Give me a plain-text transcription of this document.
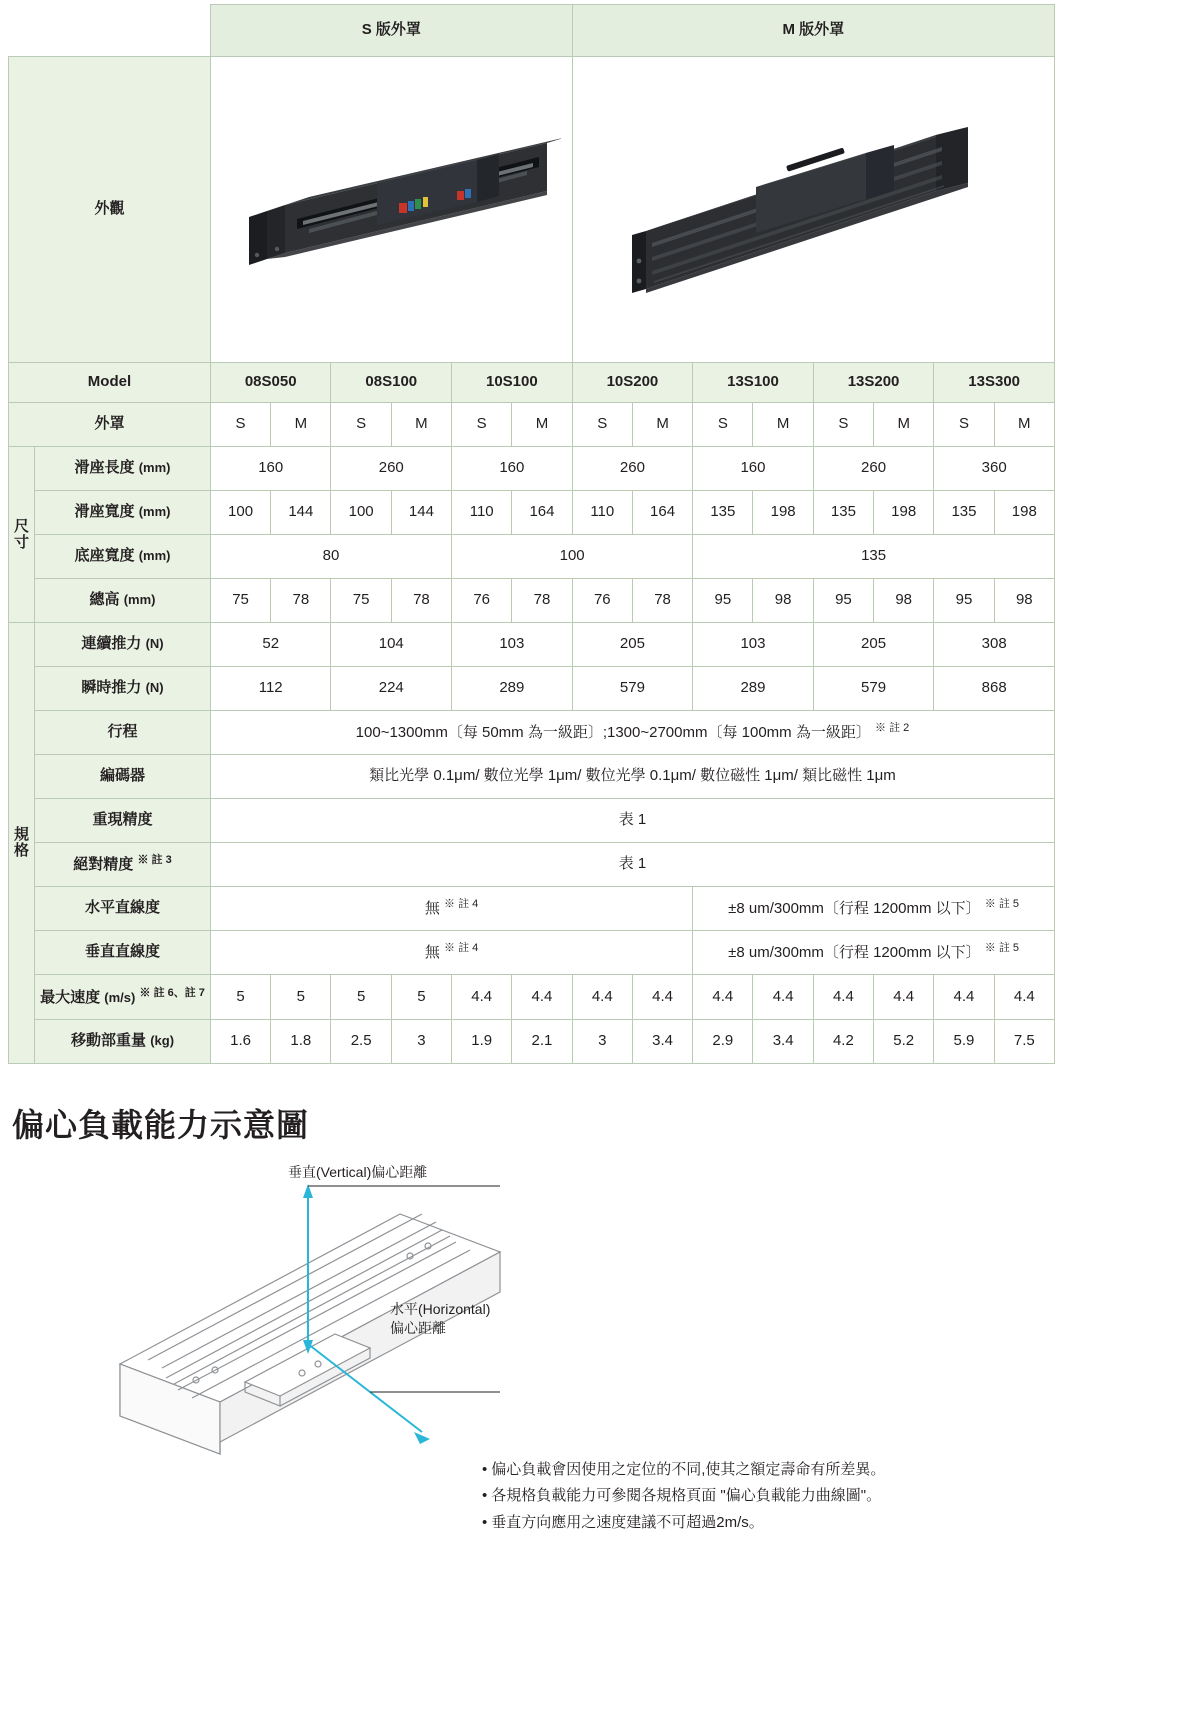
		S 版外罩						M 版外罩							
外觀	

Model		08S050		08S100		10S100		10S200		13S100		13S200		13S300	
外罩		S	M	S	M	S	M	S	M	S	M	S	M	S	M

尺寸	滑座長度 (mm)	160		260		160		260		160		260		360	
	滑座寬度 (mm)	100	144	100	144	110	164	110	164	135	198	135	198	135	198
	底座寬度 (mm)	80				100				135					
	總高 (mm)	75	78	75	78	76	78	76	78	95	98	95	98	95	98

規格	連續推力 (N)	52		104		103		205		103		205		308	
	瞬時推力 (N)	112		224		289		579		289		579		868	
	行程	100~1300mm〔每 50mm 為一級距〕;1300~2700mm〔每 100mm 為一級距〕 $^{※ 註 2}$
	編碼器	類比光學 0.1μm/ 數位光學 1μm/ 數位光學 0.1μm/ 數位磁性 1μm/ 類比磁性 1μm													
	重現精度	表 1													
	絕對精度 $^{※ 註 3}$	表 1													
	水平直線度	無 $^{※ 註 4}$								±8 um/300mm〔行程 1200mm 以下〕 $^{※ 註 5}$
	垂直直線度	無 $^{※ 註 4}$								±8 um/300mm〔行程 1200mm 以下〕 $^{※ 註 5}$
	最大速度 (m/s) $^{※ 註 6、註 7}$	5	5	5	5	4.4	4.4	4.4	4.4	4.4	4.4	4.4	4.4	4.4	4.4
	移動部重量 (kg)	1.6	1.8	2.5	3	1.9	2.1	3	3.4	2.9	3.4	4.2	5.2	5.9	7.5
偏心負載能力示意圖
垂直(Vertical)偏心距離
水平(Horizontal)
偏心距離
• 偏心負載會因使用之定位的不同,使其之額定壽命有所差異。
• 各規格負載能力可參閱各規格頁面 "偏心負載能力曲線圖"。
• 垂直方向應用之速度建議不可超過2m/s。
